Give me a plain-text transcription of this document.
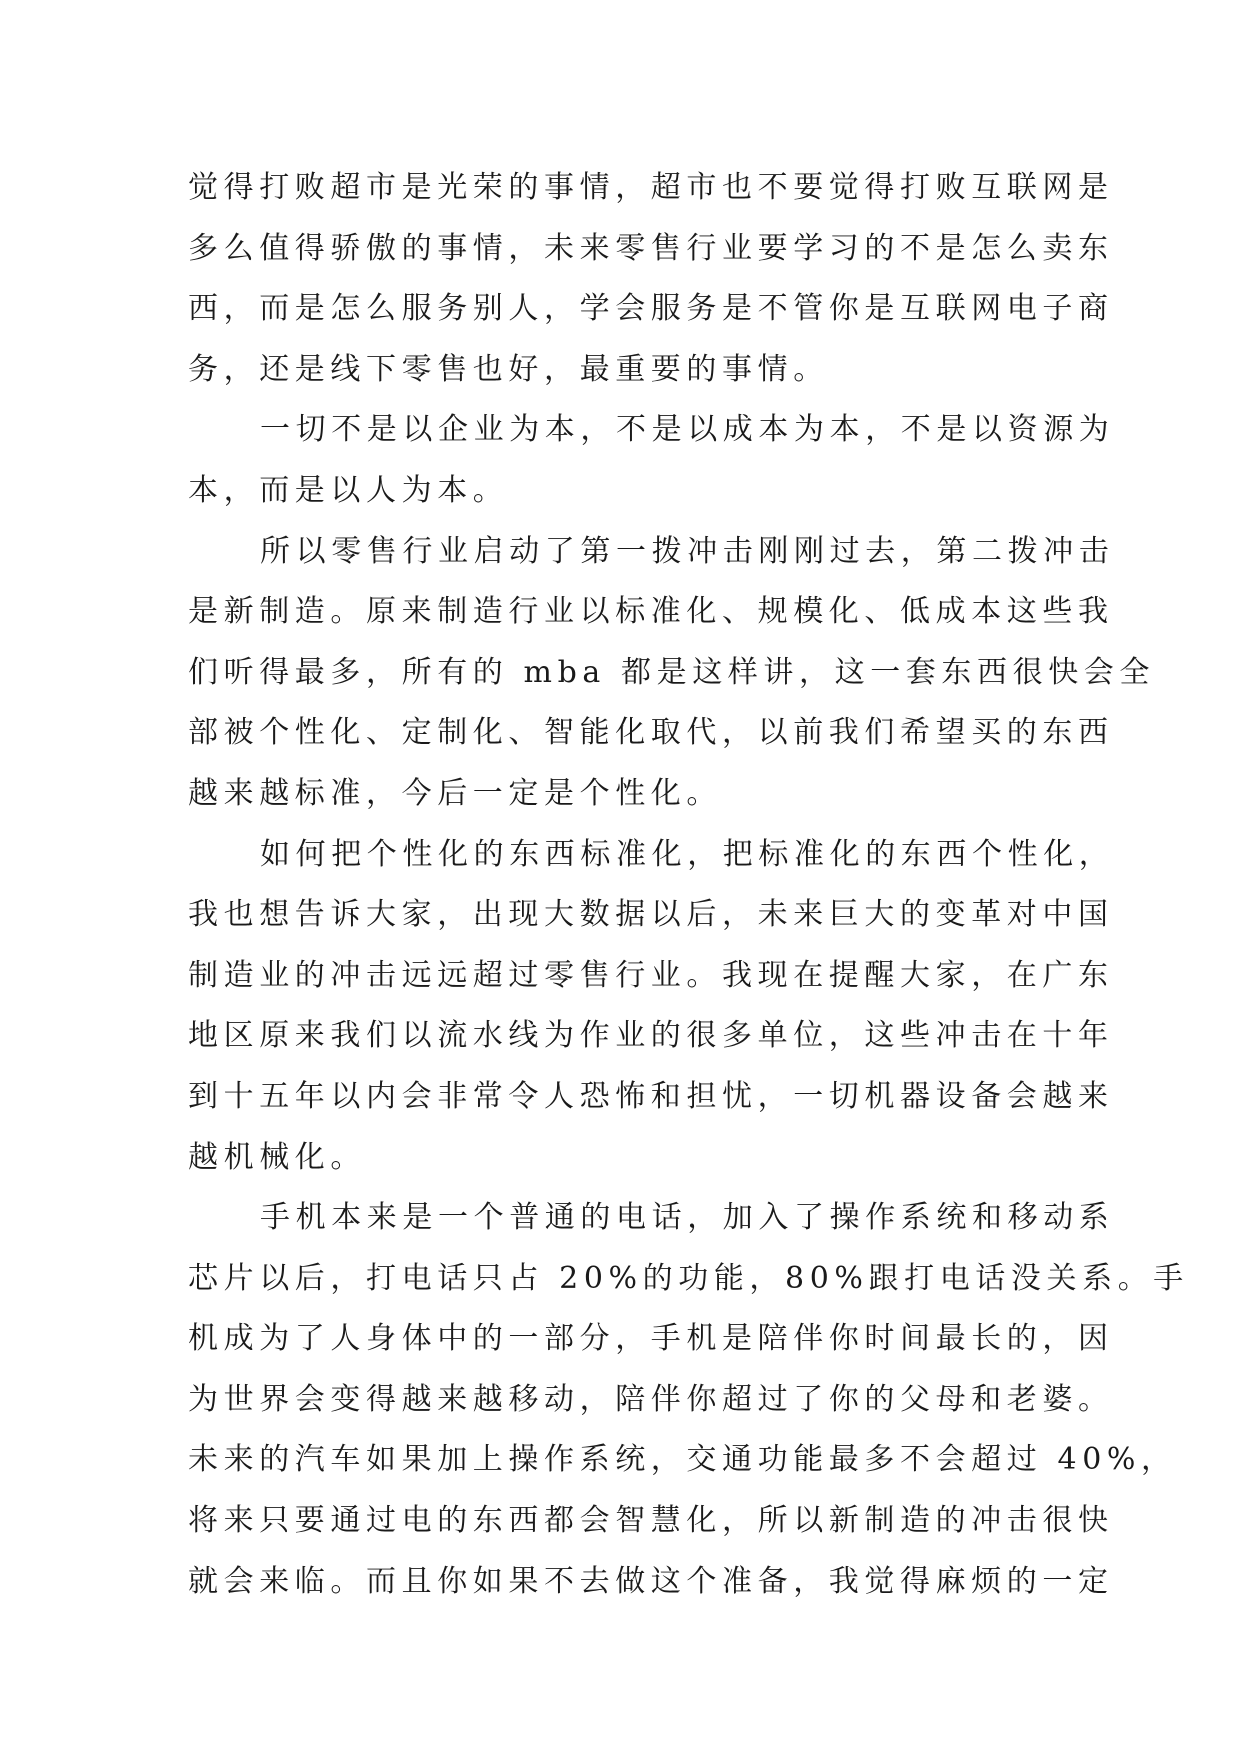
觉得打败超市是光荣的事情，超市也不要觉得打败互联网是
多么值得骄傲的事情，未来零售行业要学习的不是怎么卖东
西，而是怎么服务别人，学会服务是不管你是互联网电子商
务，还是线下零售也好，最重要的事情。
一切不是以企业为本，不是以成本为本，不是以资源为
本，而是以人为本。
所以零售行业启动了第一拨冲击刚刚过去，第二拨冲击
是新制造。原来制造行业以标准化、规模化、低成本这些我
们听得最多，所有的 mba 都是这样讲，这一套东西很快会全
部被个性化、定制化、智能化取代，以前我们希望买的东西
越来越标准，今后一定是个性化。
如何把个性化的东西标准化，把标准化的东西个性化，
我也想告诉大家，出现大数据以后，未来巨大的变革对中国
制造业的冲击远远超过零售行业。我现在提醒大家，在广东
地区原来我们以流水线为作业的很多单位，这些冲击在十年
到十五年以内会非常令人恐怖和担忧，一切机器设备会越来
越机械化。
手机本来是一个普通的电话，加入了操作系统和移动系
芯片以后，打电话只占 20%的功能，80%跟打电话没关系。手
机成为了人身体中的一部分，手机是陪伴你时间最长的，因
为世界会变得越来越移动，陪伴你超过了你的父母和老婆。
未来的汽车如果加上操作系统，交通功能最多不会超过 40%，
将来只要通过电的东西都会智慧化，所以新制造的冲击很快
就会来临。而且你如果不去做这个准备，我觉得麻烦的一定
